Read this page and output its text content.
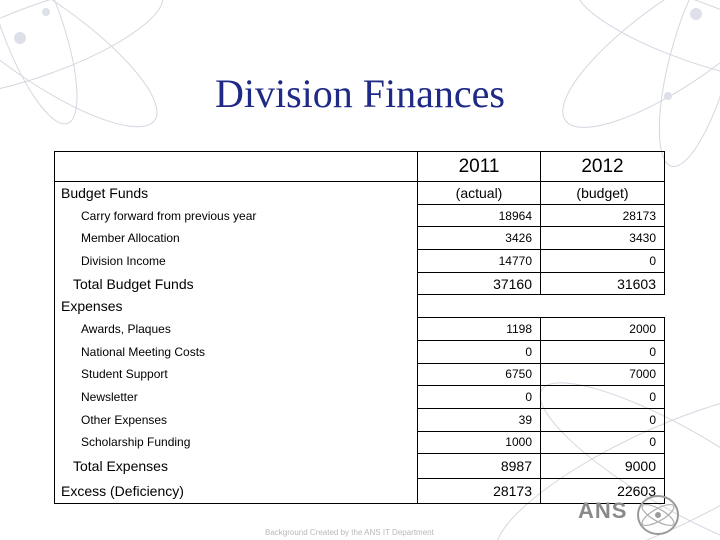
Division Finances
	2011	2012
Budget Funds	(actual)	(budget)
Carry forward from previous year	18964	28173
Member Allocation	3426	3430
Division Income	14770	0
Total Budget Funds	37160	31603
Expenses		
Awards, Plaques	1198	2000
National Meeting Costs	0	0
Student Support	6750	7000
Newsletter	0	0
Other Expenses	39	0
Scholarship Funding	1000	0
Total Expenses	8987	9000
Excess (Deficiency)	28173	22603
Background Created by the ANS IT Department
ANS
